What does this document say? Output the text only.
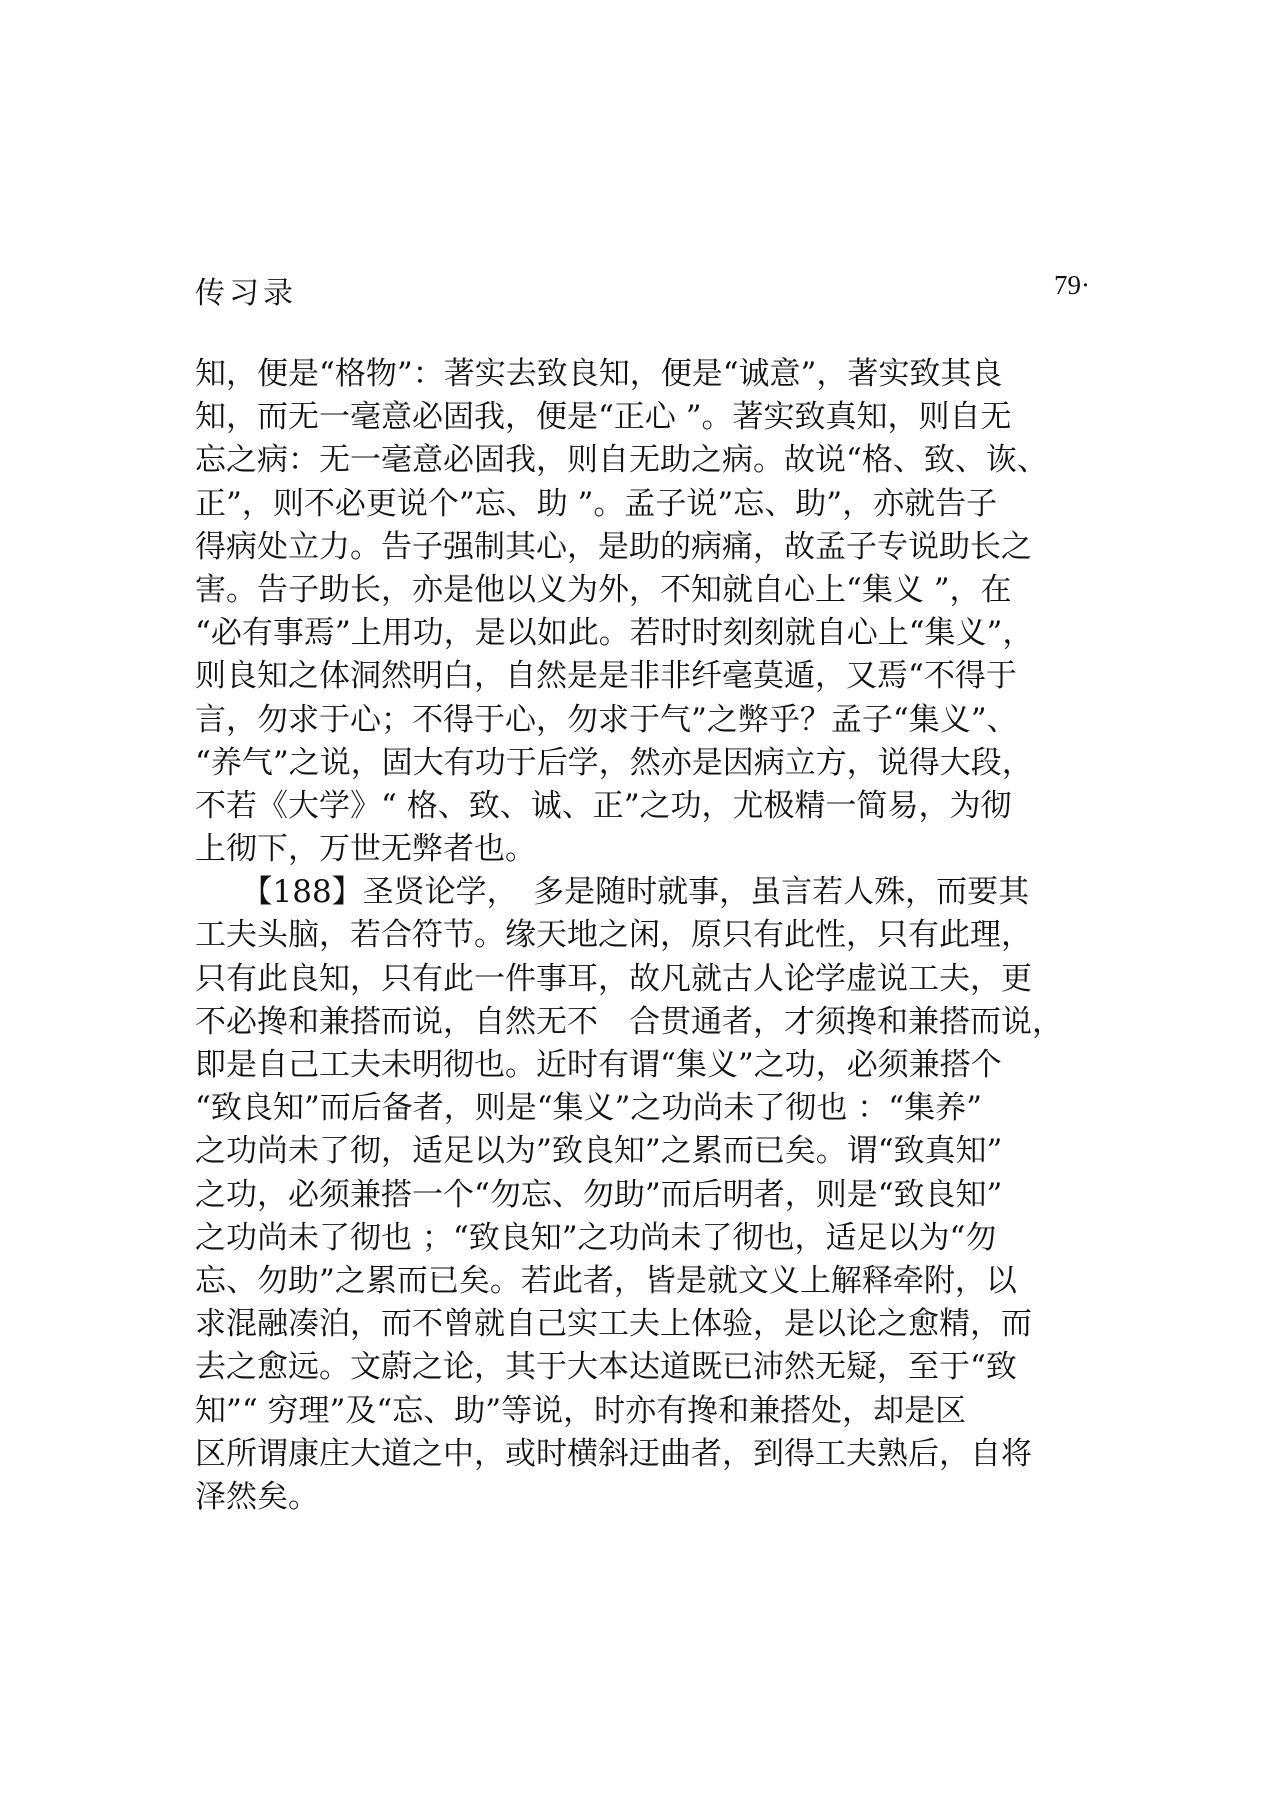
传习录	79·
知，便是“格物”：著实去致良知，便是“诚意”，著实致其良
知，而无一毫意必固我，便是“正心 ”。著实致真知，则自无
忘之病：无一毫意必固我，则自无助之病。故说“格、致、诙、
正”，则不必更说个”忘、助 ”。孟子说”忘、助”，亦就告子
得病处立力。告子强制其心，是助的病痛，故孟子专说助长之
害。告子助长，亦是他以义为外，不知就自心上“集义 ”，在
“必有事焉”上用功，是以如此。若时时刻刻就自心上“集义”，
则良知之体洞然明白，自然是是非非纤毫莫遁，又焉“不得于
言，勿求于心；不得于心，勿求于气”之弊乎？孟子“集义”、
“养气”之说，固大有功于后学，然亦是因病立方，说得大段，
不若《大学》“ 格、致、诚、正”之功，尤极精一简易，为彻
上彻下，万世无弊者也。
　　【188】圣贤论学，　多是随时就事，虽言若人殊，而要其
工夫头脑，若合符节。缘天地之闲，原只有此性，只有此理，
只有此良知，只有此一件事耳，故凡就古人论学虚说工夫，更
不必搀和兼搭而说，自然无不　合贯通者，才须搀和兼搭而说，
即是自己工夫未明彻也。近时有谓“集义”之功，必须兼搭个
“致良知”而后备者，则是“集义”之功尚未了彻也 ：“集养”
之功尚未了彻，适足以为”致良知”之累而已矣。谓“致真知”
之功，必须兼搭一个“勿忘、勿助”而后明者，则是“致良知”
之功尚未了彻也 ；“致良知”之功尚未了彻也，适足以为“勿
忘、勿助”之累而已矣。若此者，皆是就文义上解释牵附，以
求混融凑泊，而不曾就自己实工夫上体验，是以论之愈精，而
去之愈远。文蔚之论，其于大本达道既已沛然无疑，至于“致
知”“ 穷理”及“忘、助”等说，时亦有搀和兼搭处，却是区
区所谓康庄大道之中，或时横斜迂曲者，到得工夫熟后，自将
泽然矣。
